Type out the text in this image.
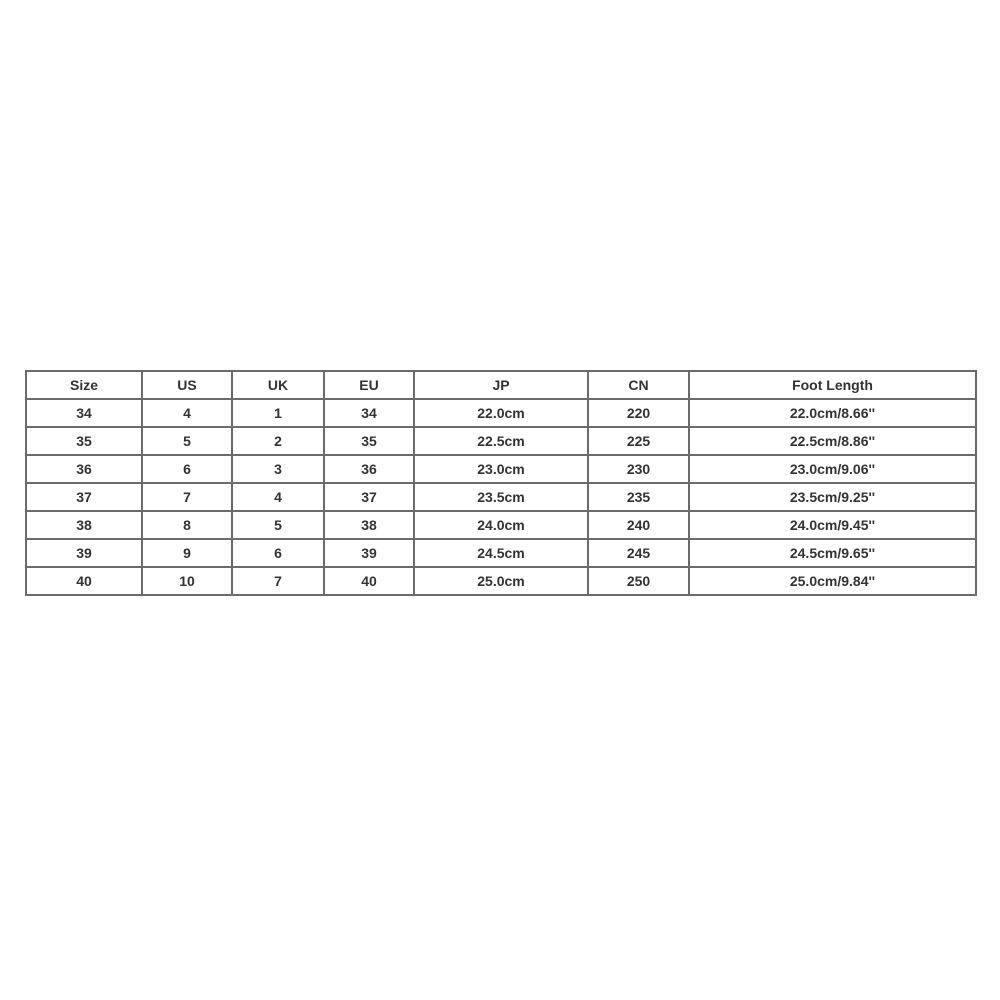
Size	US	UK	EU	JP	CN	Foot Length
34	4	1	34	22.0cm	220	22.0cm/8.66''
35	5	2	35	22.5cm	225	22.5cm/8.86''
36	6	3	36	23.0cm	230	23.0cm/9.06''
37	7	4	37	23.5cm	235	23.5cm/9.25''
38	8	5	38	24.0cm	240	24.0cm/9.45''
39	9	6	39	24.5cm	245	24.5cm/9.65''
40	10	7	40	25.0cm	250	25.0cm/9.84''
